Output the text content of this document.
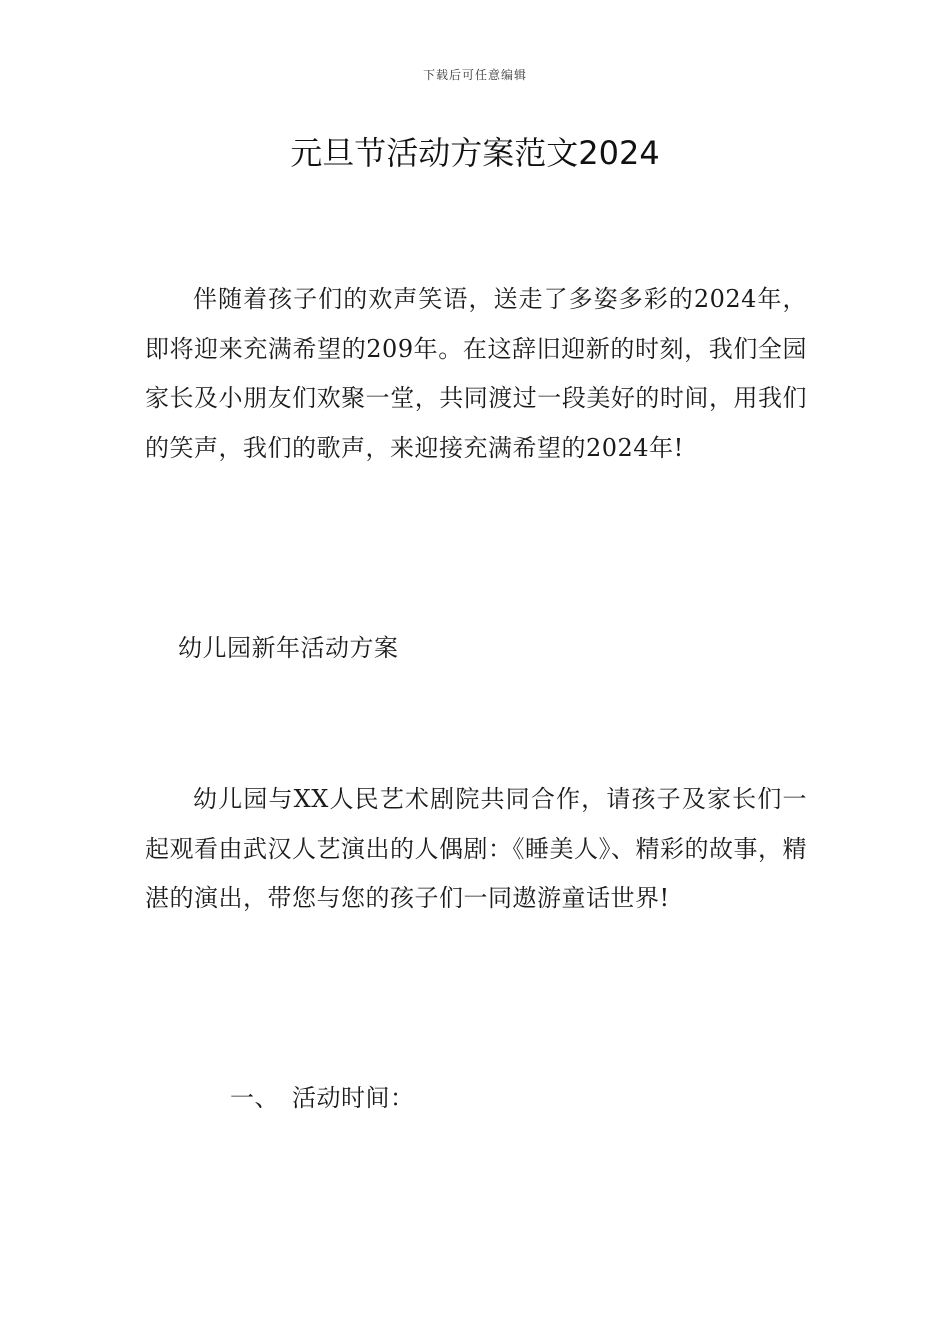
下载后可任意编辑
元旦节活动方案范文2024

伴随着孩子们的欢声笑语，送走了多姿多彩的2024年，即将迎来充满希望的209年。在这辞旧迎新的时刻，我们全园家长及小朋友们欢聚一堂，共同渡过一段美好的时间，用我们的笑声，我们的歌声，来迎接充满希望的2024年!

幼儿园新年活动方案

幼儿园与XX人民艺术剧院共同合作，请孩子及家长们一起观看由武汉人艺演出的人偶剧：《睡美人》、精彩的故事，精湛的演出，带您与您的孩子们一同遨游童话世界!

一、 活动时间：
